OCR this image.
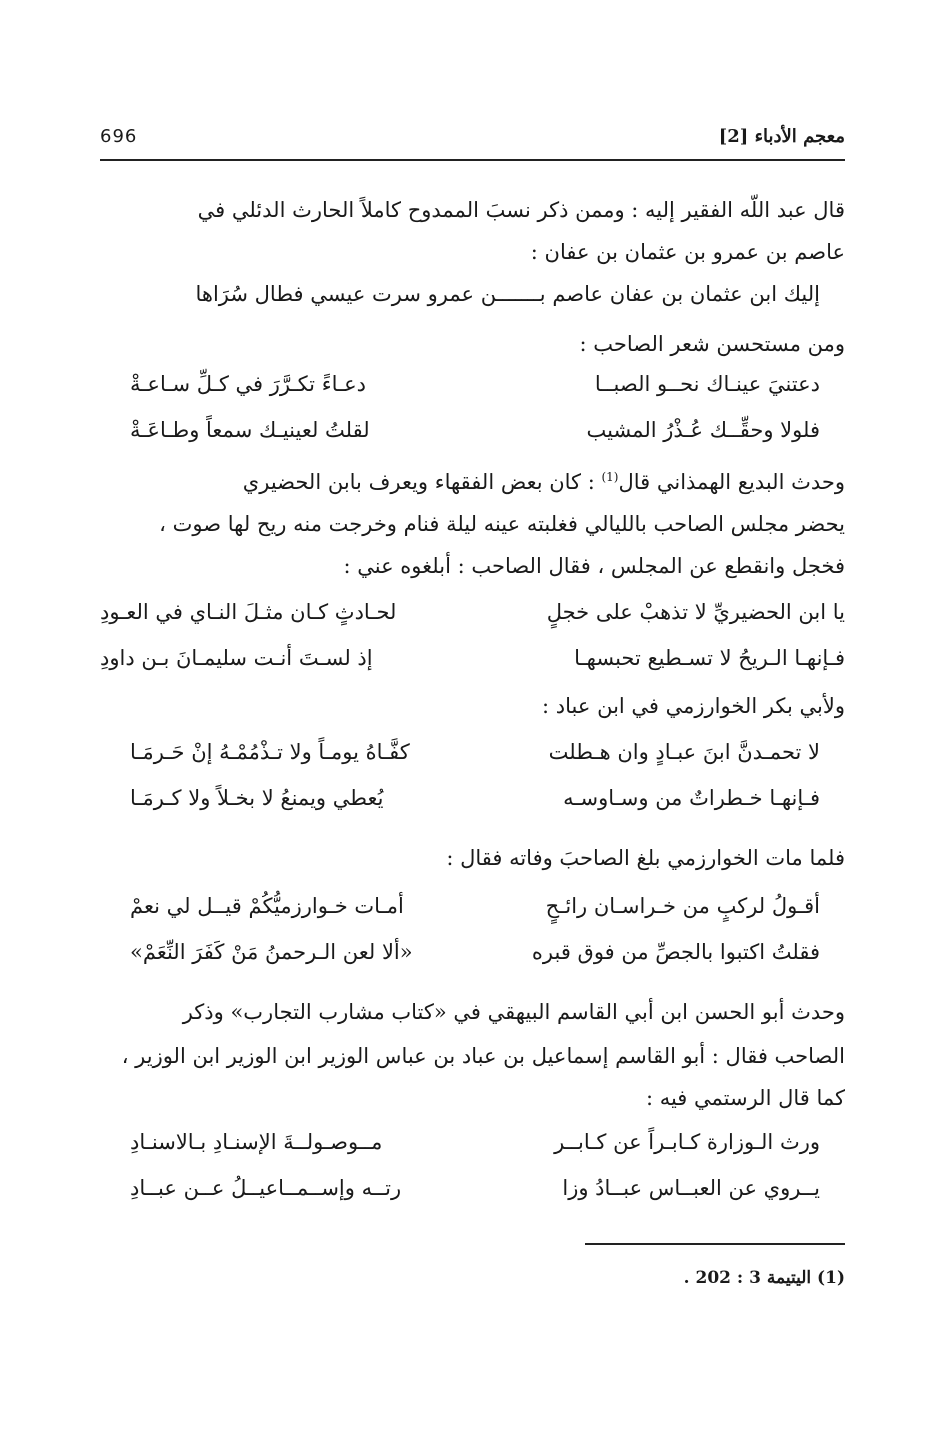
معجم الأدباء [2]
696
قال عبد اللّه الفقير إليه : وممن ذكر نسبَ الممدوح كاملاً الحارث الدئلي في
عاصم بن عمرو بن عثمان بن عفان :
إليك ابن عثمان بن عفان عاصم بـــــــن عمرو سرت عيسي فطال سُرَاها
ومن مستحسن شعر الصاحب :
دعتنيَ عينـاك نحــو الصبــا
دعـاءً تكـرَّرَ في كـلِّ سـاعـةْ
فلولا وحقِّــك عُـذْرُ المشيب
لقلتُ لعينيـك سمعاً وطـاعَـةْ
وحدث البديع الهمذاني قال$^{(1)}$ : كان بعض الفقهاء ويعرف بابن الحضيري
يحضر مجلس الصاحب بالليالي فغلبته عينه ليلة فنام وخرجت منه ريح لها صوت ،
فخجل وانقطع عن المجلس ، فقال الصاحب : أبلغوه عني :
يا ابن الحضيريِّ لا تذهبْ على خجلٍ
لحـادثٍ كـان مثـلَ النـاي في العـودِ
فـإنهـا الـريحُ لا تسـطيع تحبسهـا
إذ لسـتَ أنـت سليمـانَ بـن داودِ
ولأبي بكر الخوارزمي في ابن عباد :
لا تحمـدنَّ ابنَ عبـادٍ وان هـطلت
كفَّـاهُ يومـاً ولا تـذْمُمْـهُ إنْ حَـرمَـا
فـإنهـا خـطراتٌ من وسـاوسـه
يُعطي ويمنعُ لا بخـلاً ولا كـرمَـا
فلما مات الخوارزمي بلغ الصاحبَ وفاته فقال :
أقـولُ لركبٍ من خـراسـان رائـحٍ
أمـات خـوارزميُّكُمْ قيــل لي نعمْ
فقلتُ اكتبوا بالجصِّ من فوق قبره
«ألا لعن الـرحمنُ مَنْ كَفَرَ النِّعَمْ»
وحدث أبو الحسن ابن أبي القاسم البيهقي في «كتاب مشارب التجارب» وذكر
الصاحب فقال : أبو القاسم إسماعيل بن عباد بن عباس الوزير ابن الوزير ابن الوزير ،
كما قال الرستمي فيه :
ورث الـوزارة كـابـراً عن كـابــر
مــوصـولــةَ الإسنـادِ بـالاسنـادِ
يــروي عن العبــاس عبــادُ وزا
رتــه وإســمــاعيــلُ عــن عبــادِ
(1) اليتيمة 3 : 202 .
